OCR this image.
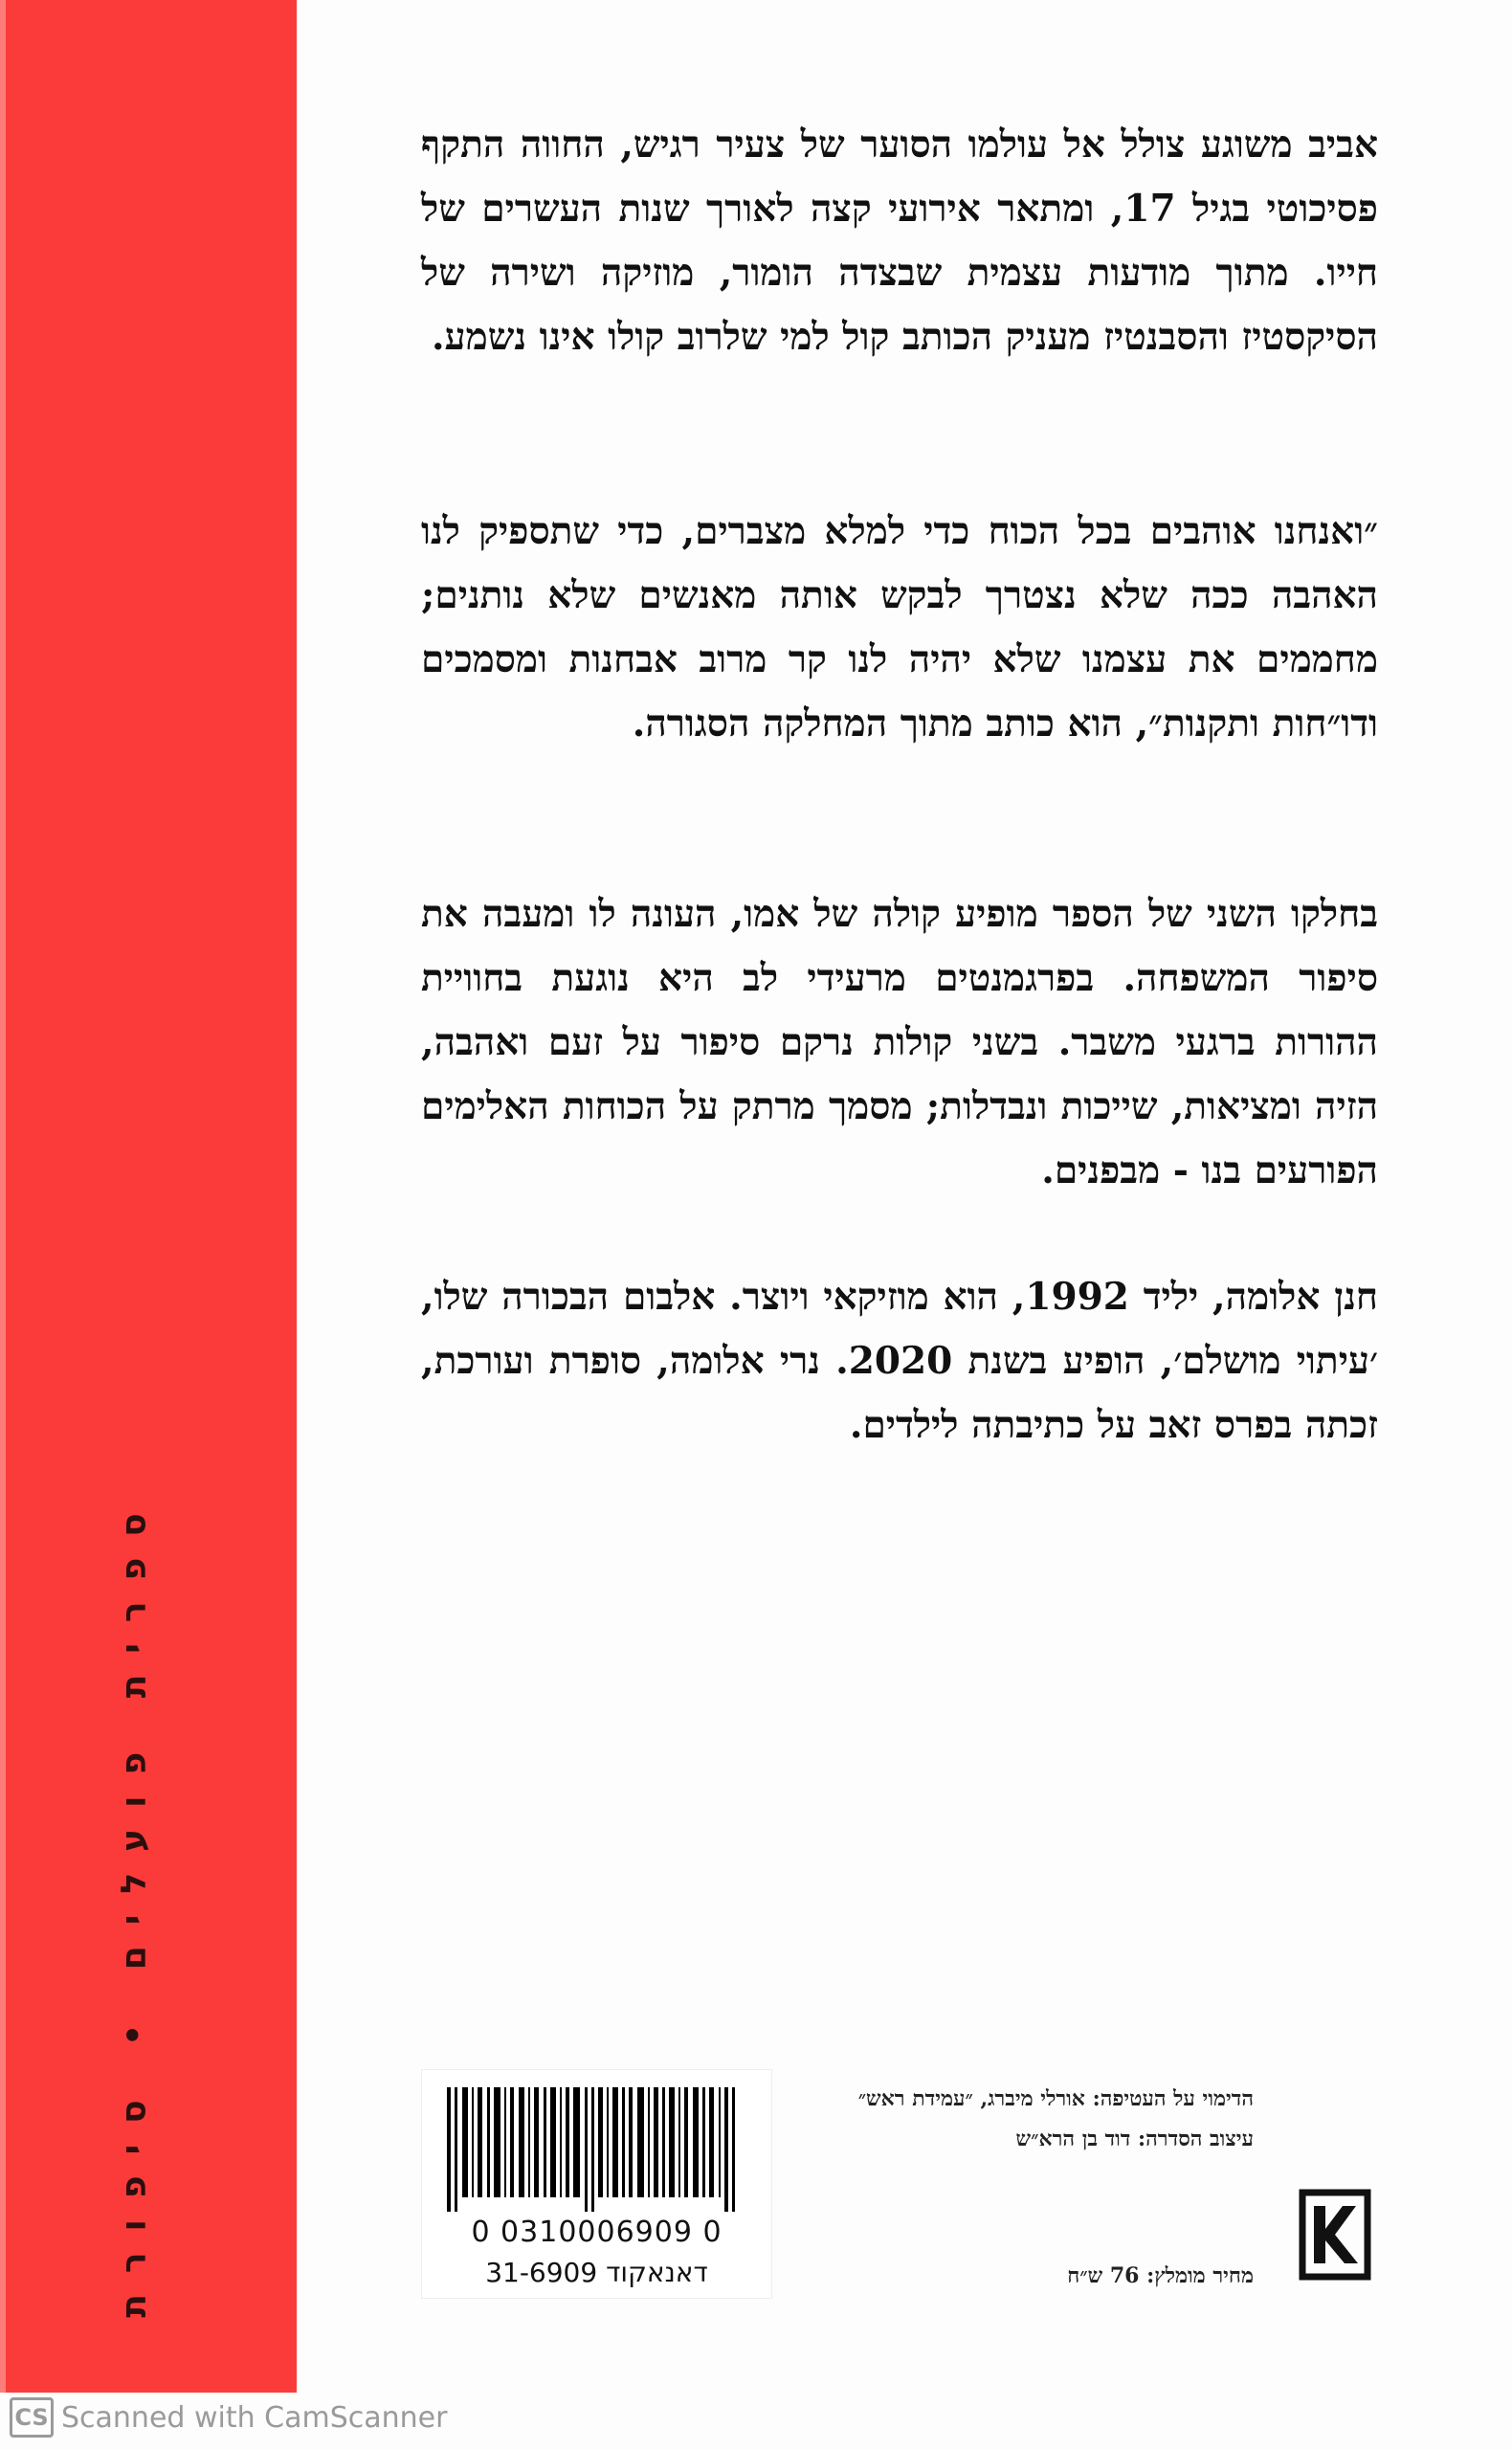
ספרית פועלים • סיפורת
אביב משוגע צולל אל עולמו הסוער של צעיר רגיש, החווה התקף פסיכוטי בגיל 17, ומתאר אירועי קצה לאורך שנות העשרים של חייו. מתוך מודעות עצמית שבצדה הומור, מוזיקה ושירה של הסיקסטיז והסבנטיז מעניק הכותב קול למי שלרוב קולו אינו נשמע.
״ואנחנו אוהבים בכל הכוח כדי למלא מצברים, כדי שתספיק לנו האהבה ככה שלא נצטרך לבקש אותה מאנשים שלא נותנים; מחממים את עצמנו שלא יהיה לנו קר מרוב אבחנות ומסמכים ודו״חות ותקנות״, הוא כותב מתוך המחלקה הסגורה.
בחלקו השני של הספר מופיע קולה של אמו, העונה לו ומעבה את סיפור המשפחה. בפרגמנטים מרעידי לב היא נוגעת בחוויית ההורות ברגעי משבר. בשני קולות נרקם סיפור על זעם ואהבה, הזיה ומציאות, שייכות ונבדלות; מסמך מרתק על הכוחות האלימים הפורעים בנו - מבפנים.
חנן אלומה, יליד 1992, הוא מוזיקאי ויוצר. אלבום הבכורה שלו, ׳עיתוי מושלם׳, הופיע בשנת 2020. נרי אלומה, סופרת ועורכת, זכתה בפרס זאב על כתיבתה לילדים.
0 0310006909 0
דאנאקוד 31-6909
הדימוי על העטיפה: אורלי מיברג, ״עמידת ראש״
עיצוב הסדרה: דוד בן הרא״ש
מחיר מומלץ: 76 ש״ח
CS Scanned with CamScanner
